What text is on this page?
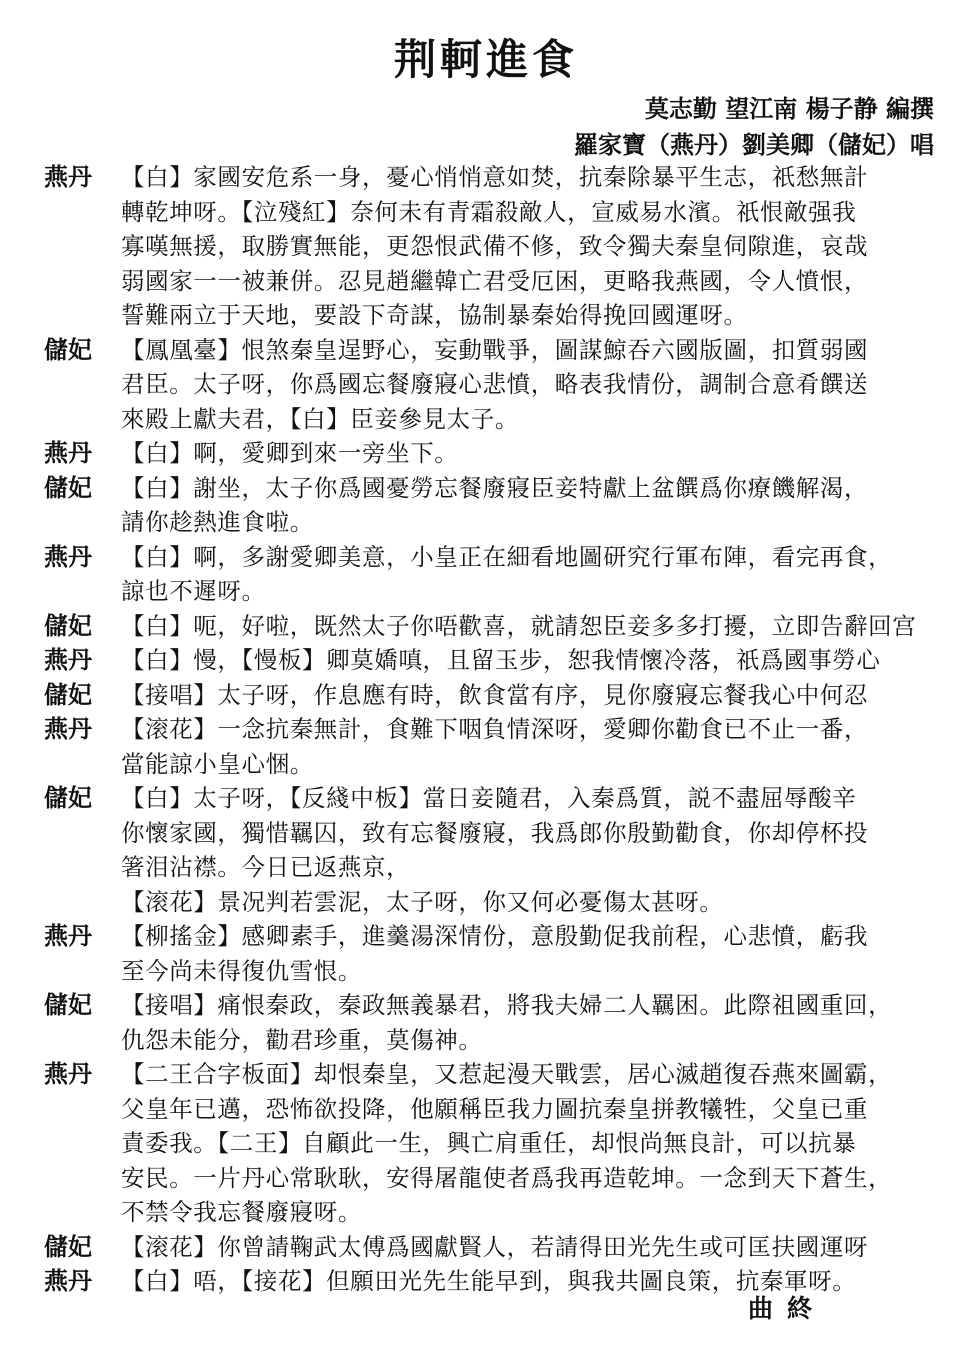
荆軻進食
莫志勤 望江南 楊子静 編撰
羅家寶（燕丹）劉美卿（儲妃）唱
燕丹	【白】家國安危系一身，憂心悄悄意如焚，抗秦除暴平生志，祇愁無計
轉乾坤呀。【泣殘紅】奈何未有青霜殺敵人，宣威易水濱。祇恨敵强我
寡嘆無援，取勝實無能，更怨恨武備不修，致令獨夫秦皇伺隙進，哀哉
弱國家一一被兼併。忍見趙繼韓亡君受厄困，更略我燕國，令人憤恨，
誓難兩立于天地，要設下奇謀，協制暴秦始得挽回國運呀。
儲妃	【鳳凰臺】恨煞秦皇逞野心，妄動戰爭，圖謀鯨吞六國版圖，扣質弱國
君臣。太子呀，你爲國忘餐廢寢心悲憤，略表我情份，調制合意肴饌送
來殿上獻夫君，【白】臣妾參見太子。
燕丹	【白】啊，愛卿到來一旁坐下。
儲妃	【白】謝坐，太子你爲國憂勞忘餐廢寢臣妾特獻上盆饌爲你療饑解渴，
請你趁熱進食啦。
燕丹	【白】啊，多謝愛卿美意，小皇正在細看地圖研究行軍布陣，看完再食，
諒也不遲呀。
儲妃	【白】呃，好啦，既然太子你唔歡喜，就請恕臣妾多多打擾，立即告辭回宫
燕丹	【白】慢，【慢板】卿莫嬌嗔，且留玉步，恕我情懷冷落，祇爲國事勞心
儲妃	【接唱】太子呀，作息應有時，飲食當有序，見你廢寢忘餐我心中何忍
燕丹	【滚花】一念抗秦無計，食難下咽負情深呀，愛卿你勸食已不止一番，
當能諒小皇心悃。
儲妃	【白】太子呀，【反綫中板】當日妾隨君，入秦爲質，説不盡屈辱酸辛
你懷家國，獨惜羈囚，致有忘餐廢寢，我爲郎你殷勤勸食，你却停杯投
箸泪沾襟。今日已返燕京，
【滚花】景况判若雲泥，太子呀，你又何必憂傷太甚呀。
燕丹	【柳搖金】感卿素手，進羹湯深情份，意殷勤促我前程，心悲憤，虧我
至今尚未得復仇雪恨。
儲妃	【接唱】痛恨秦政，秦政無義暴君，將我夫婦二人羈困。此際祖國重回，
仇怨未能分，勸君珍重，莫傷神。
燕丹	【二王合字板面】却恨秦皇，又惹起漫天戰雲，居心滅趙復吞燕來圖霸，
父皇年已邁，恐怖欲投降，他願稱臣我力圖抗秦皇拼教犧牲，父皇已重
責委我。【二王】自顧此一生，興亡肩重任，却恨尚無良計，可以抗暴
安民。一片丹心常耿耿，安得屠龍使者爲我再造乾坤。一念到天下蒼生，
不禁令我忘餐廢寢呀。
儲妃	【滚花】你曾請鞠武太傅爲國獻賢人，若請得田光先生或可匡扶國運呀
燕丹	【白】唔，【接花】但願田光先生能早到，與我共圖良策，抗秦軍呀。
曲終
